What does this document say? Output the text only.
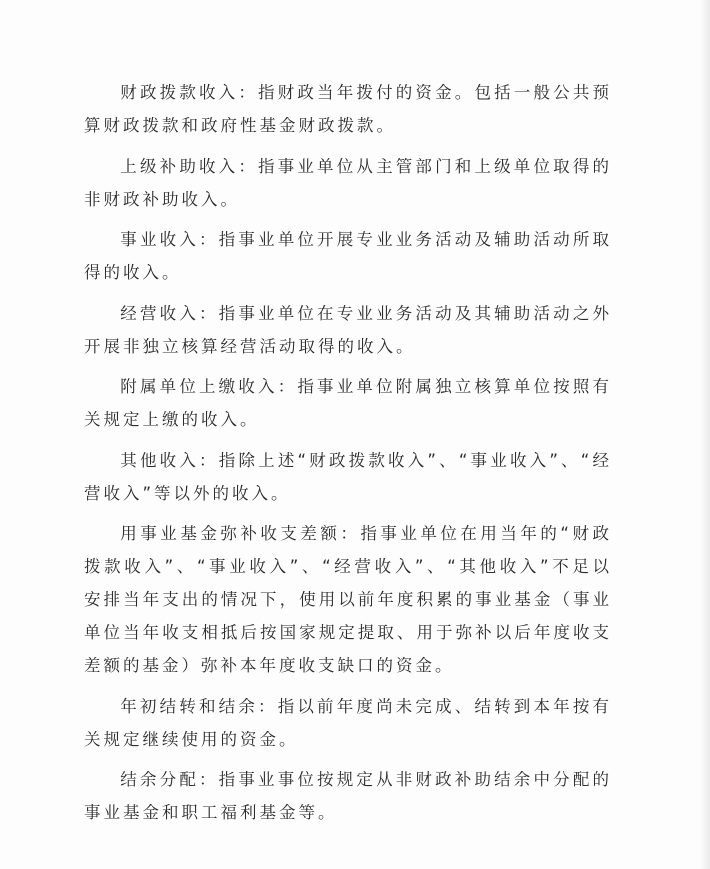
财政拨款收入：指财政当年拨付的资金。包括一般公共预算财政拨款和政府性基金财政拨款。

上级补助收入：指事业单位从主管部门和上级单位取得的非财政补助收入。

事业收入：指事业单位开展专业业务活动及辅助活动所取得的收入。

经营收入：指事业单位在专业业务活动及其辅助活动之外开展非独立核算经营活动取得的收入。

附属单位上缴收入：指事业单位附属独立核算单位按照有关规定上缴的收入。

其他收入：指除上述“财政拨款收入”、“事业收入”、“经营收入”等以外的收入。

用事业基金弥补收支差额：指事业单位在用当年的“财政拨款收入”、“事业收入”、“经营收入”、“其他收入”不足以安排当年支出的情况下，使用以前年度积累的事业基金（事业单位当年收支相抵后按国家规定提取、用于弥补以后年度收支差额的基金）弥补本年度收支缺口的资金。

年初结转和结余：指以前年度尚未完成、结转到本年按有关规定继续使用的资金。

结余分配：指事业事位按规定从非财政补助结余中分配的事业基金和职工福利基金等。
